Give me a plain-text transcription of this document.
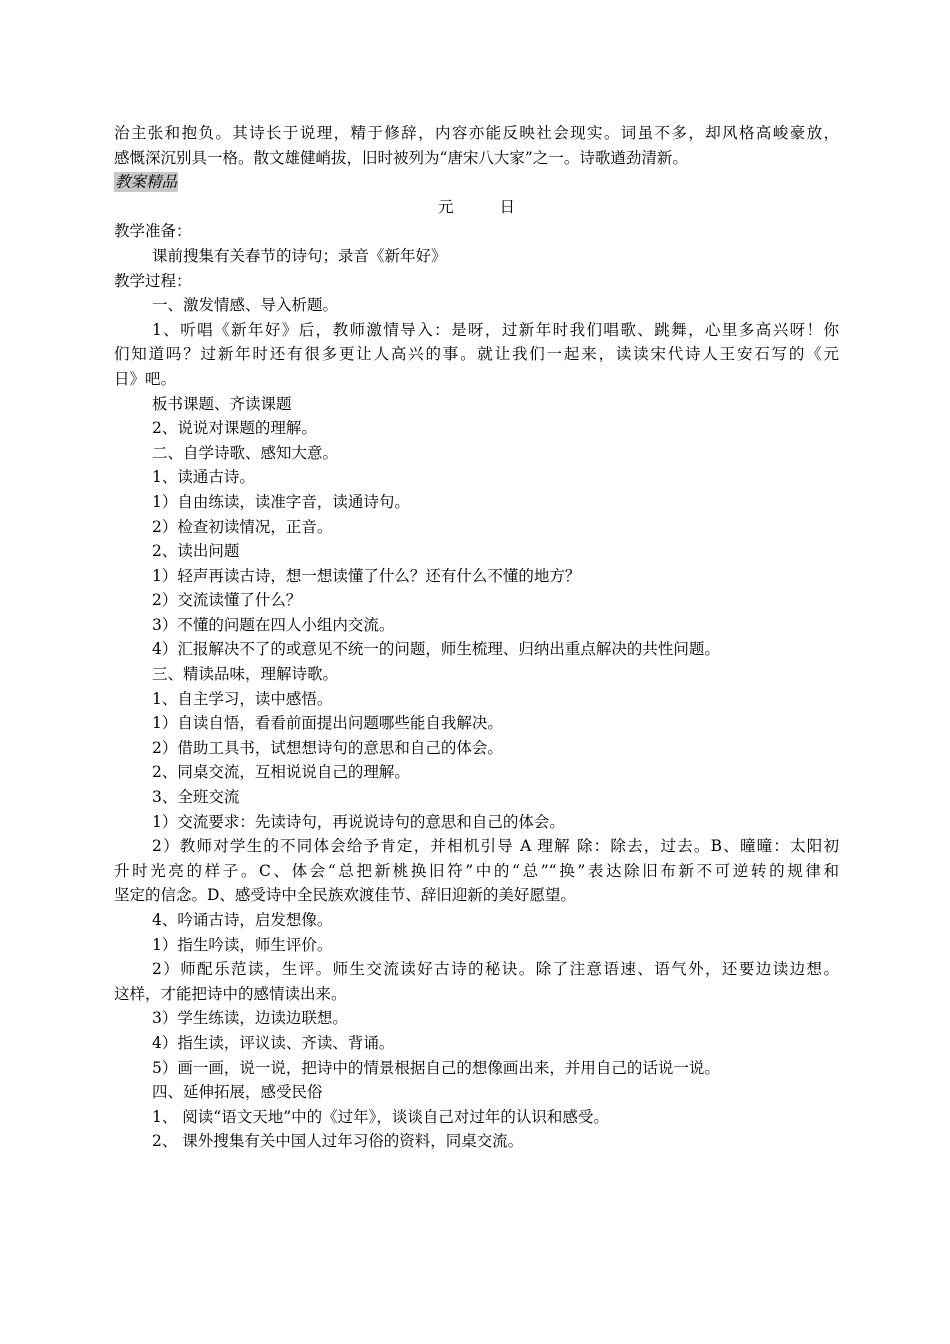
治主张和抱负。其诗长于说理，精于修辞，内容亦能反映社会现实。词虽不多，却风格高峻豪放，
感慨深沉别具一格。散文雄健峭拔，旧时被列为“唐宋八大家”之一。诗歌遒劲清新。
教案精品
元	日
教学准备：
课前搜集有关春节的诗句；录音《新年好》
教学过程：
一、激发情感、导入析题。
1、听唱《新年好》后，教师激情导入：是呀，过新年时我们唱歌、跳舞，心里多高兴呀！你
们知道吗？过新年时还有很多更让人高兴的事。就让我们一起来，读读宋代诗人王安石写的《元
日》吧。
板书课题、齐读课题
2、说说对课题的理解。
二、自学诗歌、感知大意。
1、读通古诗。
1）自由练读，读准字音，读通诗句。
2）检查初读情况，正音。
2、读出问题
1）轻声再读古诗，想一想读懂了什么？还有什么不懂的地方？
2）交流读懂了什么？
3）不懂的问题在四人小组内交流。
4）汇报解决不了的或意见不统一的问题，师生梳理、归纳出重点解决的共性问题。
三、精读品味，理解诗歌。
1、自主学习，读中感悟。
1）自读自悟，看看前面提出问题哪些能自我解决。
2）借助工具书，试想想诗句的意思和自己的体会。
2、同桌交流，互相说说自己的理解。
3、全班交流
1）交流要求：先读诗句，再说说诗句的意思和自己的体会。
2）教师对学生的不同体会给予肯定，并相机引导 A 理解 除：除去，过去。B、曈曈：太阳初
升时光亮的样子。C、体会“总把新桃换旧符”中的“总”“换”表达除旧布新不可逆转的规律和
坚定的信念。D、感受诗中全民族欢渡佳节、辞旧迎新的美好愿望。
4、吟诵古诗，启发想像。
1）指生吟读，师生评价。
2）师配乐范读，生评。师生交流读好古诗的秘诀。除了注意语速、语气外，还要边读边想。
这样，才能把诗中的感情读出来。
3）学生练读，边读边联想。
4）指生读，评议读、齐读、背诵。
5）画一画，说一说，把诗中的情景根据自己的想像画出来，并用自己的话说一说。
四、延伸拓展，感受民俗
1、 阅读“语文天地”中的《过年》，谈谈自己对过年的认识和感受。
2、 课外搜集有关中国人过年习俗的资料，同桌交流。
